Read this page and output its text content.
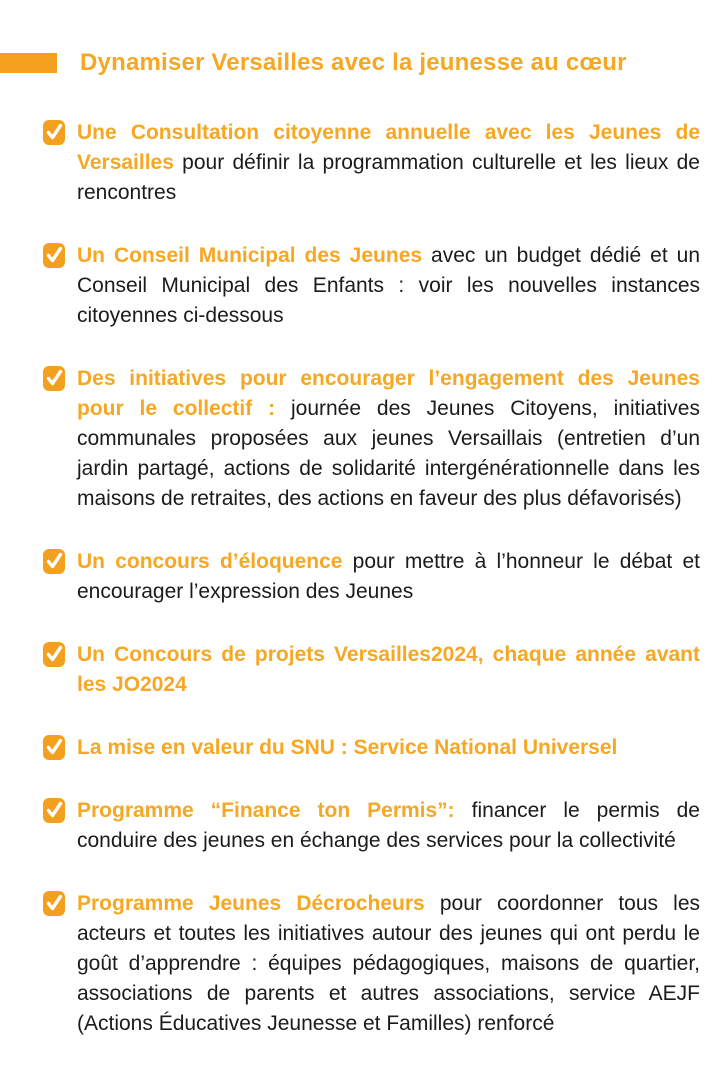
Dynamiser Versailles avec la jeunesse au cœur

Une Consultation citoyenne annuelle avec les Jeunes de Versailles pour définir la programmation culturelle et les lieux de rencontres

Un Conseil Municipal des Jeunes avec un budget dédié et un Conseil Municipal des Enfants : voir les nouvelles instances citoyennes ci-dessous

Des initiatives pour encourager l’engagement des Jeunes pour le collectif : journée des Jeunes Citoyens, initiatives communales proposées aux jeunes Versaillais (entretien d’un jardin partagé, actions de solidarité intergénérationnelle dans les maisons de retraites, des actions en faveur des plus défavorisés)

Un concours d’éloquence pour mettre à l’honneur le débat et encourager l’expression des Jeunes

Un Concours de projets Versailles2024, chaque année avant les JO2024

La mise en valeur du SNU : Service National Universel

Programme “Finance ton Permis”: financer le permis de conduire des jeunes en échange des services pour la collectivité

Programme Jeunes Décrocheurs pour coordonner tous les acteurs et toutes les initiatives autour des jeunes qui ont perdu le goût d’apprendre : équipes pédagogiques, maisons de quartier, associations de parents et autres associations, service AEJF (Actions Éducatives Jeunesse et Familles) renforcé
